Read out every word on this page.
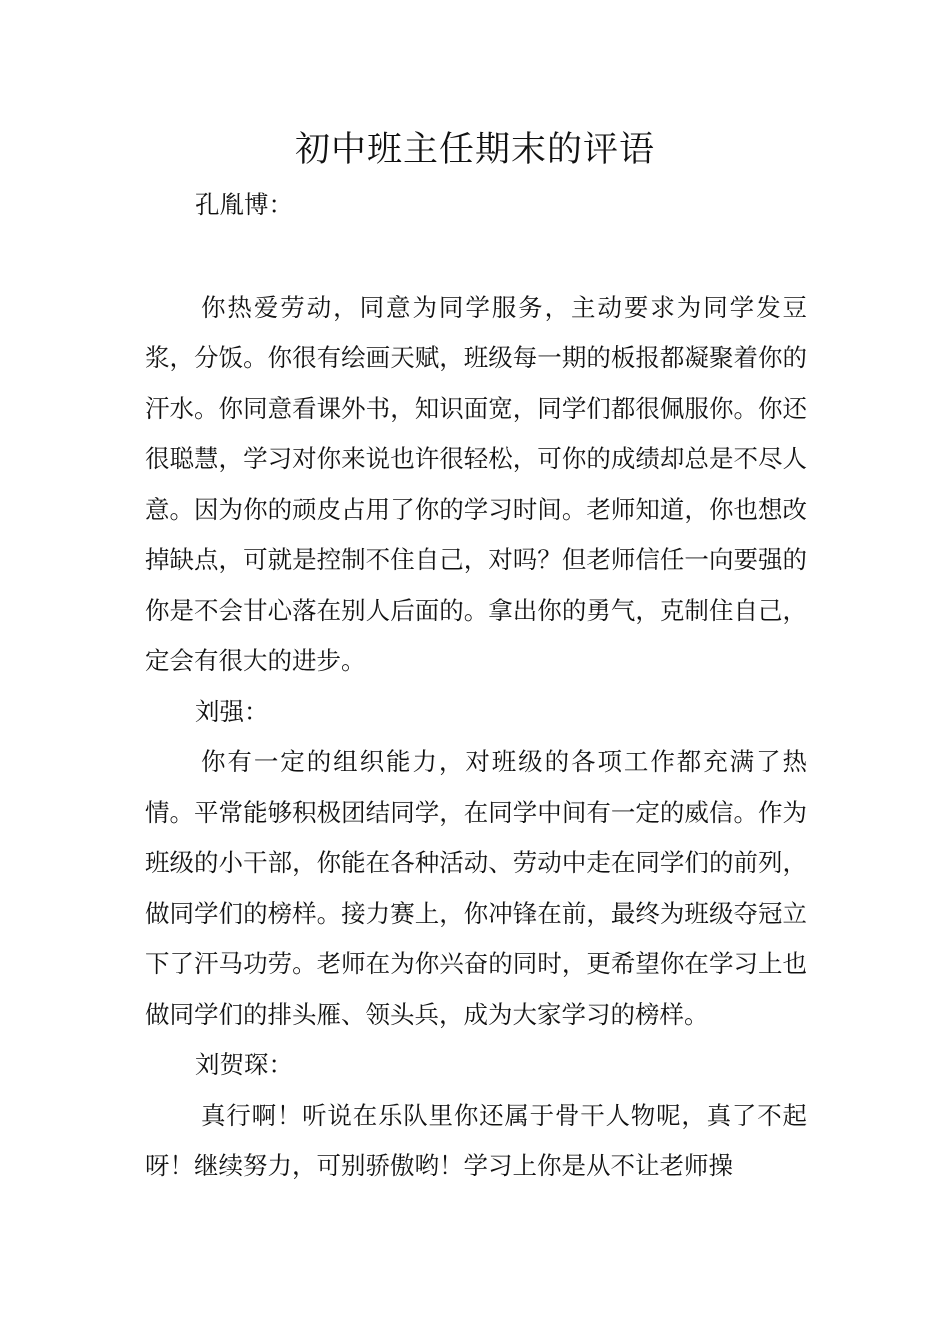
初中班主任期末的评语

孔胤博：

你热爱劳动，同意为同学服务，主动要求为同学发豆浆，分饭。你很有绘画天赋，班级每一期的板报都凝聚着你的汗水。你同意看课外书，知识面宽，同学们都很佩服你。你还很聪慧，学习对你来说也许很轻松，可你的成绩却总是不尽人意。因为你的顽皮占用了你的学习时间。老师知道，你也想改掉缺点，可就是控制不住自己，对吗？但老师信任一向要强的你是不会甘心落在别人后面的。拿出你的勇气，克制住自己，定会有很大的进步。

刘强：

你有一定的组织能力，对班级的各项工作都充满了热情。平常能够积极团结同学，在同学中间有一定的威信。作为班级的小干部，你能在各种活动、劳动中走在同学们的前列，做同学们的榜样。接力赛上，你冲锋在前，最终为班级夺冠立下了汗马功劳。老师在为你兴奋的同时，更希望你在学习上也做同学们的排头雁、领头兵，成为大家学习的榜样。

刘贺琛：

真行啊！听说在乐队里你还属于骨干人物呢，真了不起呀！继续努力，可别骄傲哟！学习上你是从不让老师操
